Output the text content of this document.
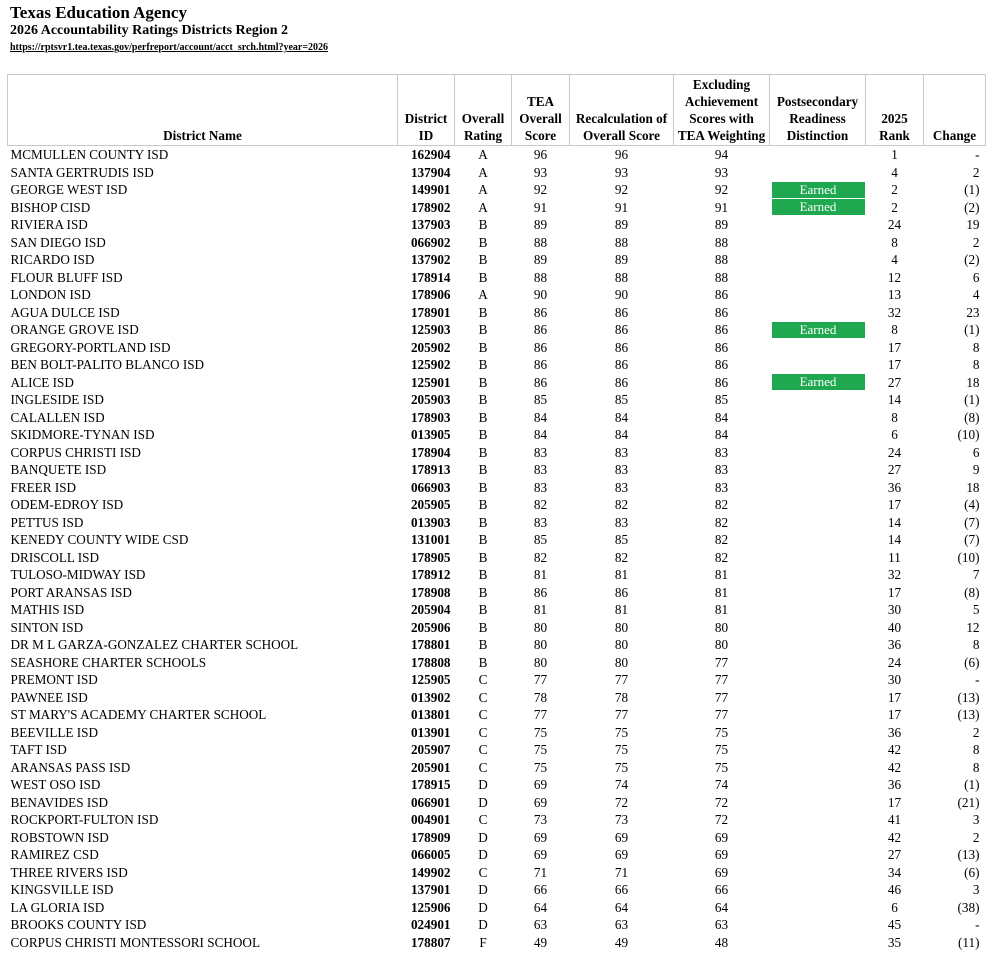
Texas Education Agency
2026 Accountability Ratings Districts Region 2
https://rptsvr1.tea.texas.gov/perfreport/account/acct_srch.html?year=2026
District Name	District ID	Overall Rating	TEA Overall Score	Recalculation of Overall Score	Excluding Achievement Scores with TEA Weighting	Postsecondary Readiness Distinction	2025 Rank	Change
MCMULLEN COUNTY ISD	162904	A	96	96	94		1	-
SANTA GERTRUDIS ISD	137904	A	93	93	93		4	2
GEORGE WEST ISD	149901	A	92	92	92	Earned	2	(1)
BISHOP CISD	178902	A	91	91	91	Earned	2	(2)
RIVIERA ISD	137903	B	89	89	89		24	19
SAN DIEGO ISD	066902	B	88	88	88		8	2
RICARDO ISD	137902	B	89	89	88		4	(2)
FLOUR BLUFF ISD	178914	B	88	88	88		12	6
LONDON ISD	178906	A	90	90	86		13	4
AGUA DULCE ISD	178901	B	86	86	86		32	23
ORANGE GROVE ISD	125903	B	86	86	86	Earned	8	(1)
GREGORY-PORTLAND ISD	205902	B	86	86	86		17	8
BEN BOLT-PALITO BLANCO ISD	125902	B	86	86	86		17	8
ALICE ISD	125901	B	86	86	86	Earned	27	18
INGLESIDE ISD	205903	B	85	85	85		14	(1)
CALALLEN ISD	178903	B	84	84	84		8	(8)
SKIDMORE-TYNAN ISD	013905	B	84	84	84		6	(10)
CORPUS CHRISTI ISD	178904	B	83	83	83		24	6
BANQUETE ISD	178913	B	83	83	83		27	9
FREER ISD	066903	B	83	83	83		36	18
ODEM-EDROY ISD	205905	B	82	82	82		17	(4)
PETTUS ISD	013903	B	83	83	82		14	(7)
KENEDY COUNTY WIDE CSD	131001	B	85	85	82		14	(7)
DRISCOLL ISD	178905	B	82	82	82		11	(10)
TULOSO-MIDWAY ISD	178912	B	81	81	81		32	7
PORT ARANSAS ISD	178908	B	86	86	81		17	(8)
MATHIS ISD	205904	B	81	81	81		30	5
SINTON ISD	205906	B	80	80	80		40	12
DR M L GARZA-GONZALEZ CHARTER SCHOOL	178801	B	80	80	80		36	8
SEASHORE CHARTER SCHOOLS	178808	B	80	80	77		24	(6)
PREMONT ISD	125905	C	77	77	77		30	-
PAWNEE ISD	013902	C	78	78	77		17	(13)
ST MARY'S ACADEMY CHARTER SCHOOL	013801	C	77	77	77		17	(13)
BEEVILLE ISD	013901	C	75	75	75		36	2
TAFT ISD	205907	C	75	75	75		42	8
ARANSAS PASS ISD	205901	C	75	75	75		42	8
WEST OSO ISD	178915	D	69	74	74		36	(1)
BENAVIDES ISD	066901	D	69	72	72		17	(21)
ROCKPORT-FULTON ISD	004901	C	73	73	72		41	3
ROBSTOWN ISD	178909	D	69	69	69		42	2
RAMIREZ CSD	066005	D	69	69	69		27	(13)
THREE RIVERS ISD	149902	C	71	71	69		34	(6)
KINGSVILLE ISD	137901	D	66	66	66		46	3
LA GLORIA ISD	125906	D	64	64	64		6	(38)
BROOKS COUNTY ISD	024901	D	63	63	63		45	-
CORPUS CHRISTI MONTESSORI SCHOOL	178807	F	49	49	48		35	(11)
